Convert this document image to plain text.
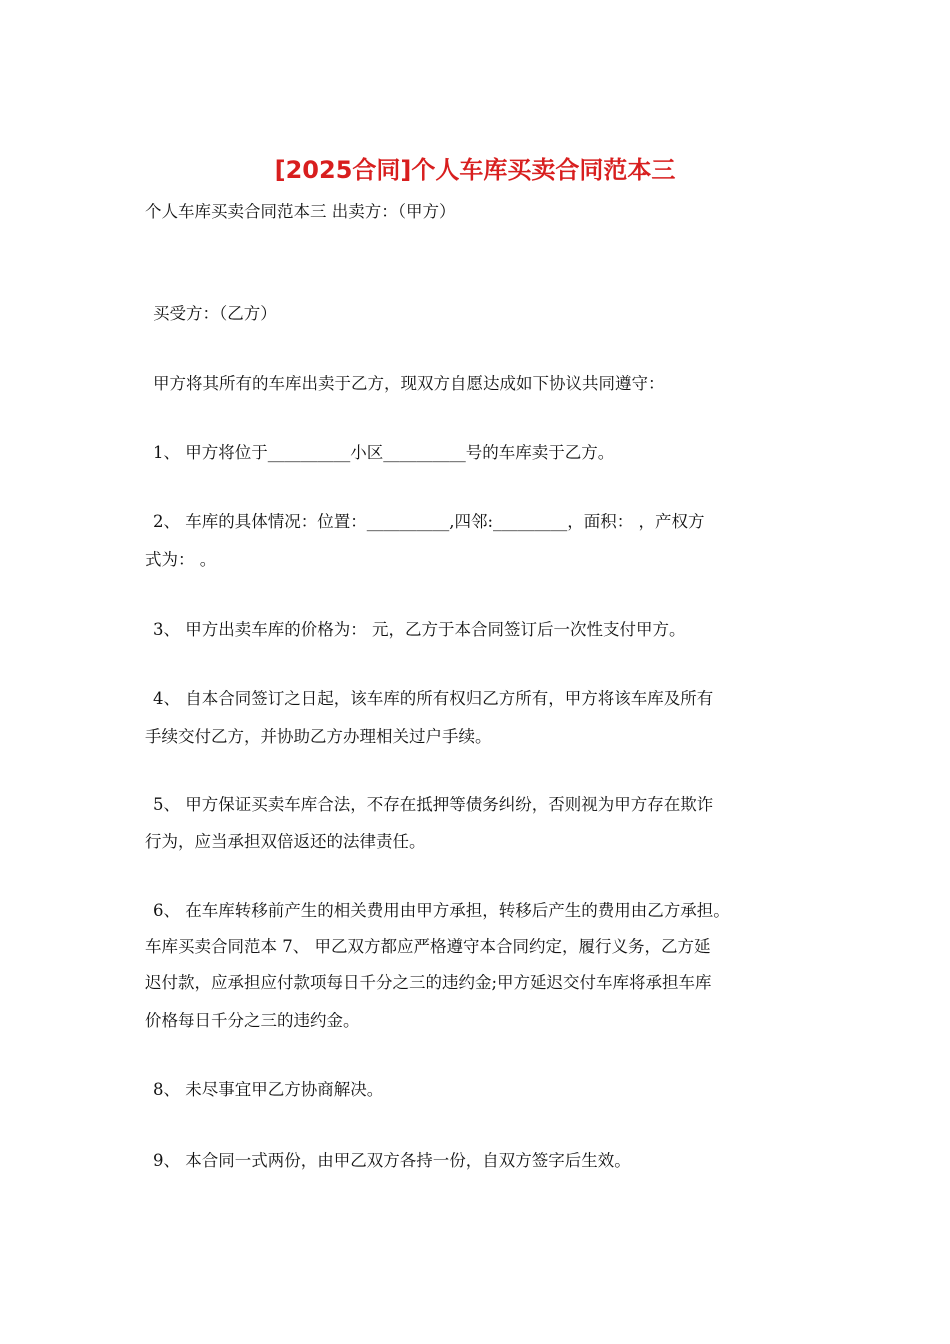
[2025合同]个人车库买卖合同范本三
个人车库买卖合同范本三 出卖方：（甲方）
买受方：（乙方）
甲方将其所有的车库出卖于乙方，现双方自愿达成如下协议共同遵守：
1、 甲方将位于__________小区__________号的车库卖于乙方。
2、 车库的具体情况：位置：__________,四邻:_________，面积： ，产权方
式为： 。
3、 甲方出卖车库的价格为： 元，乙方于本合同签订后一次性支付甲方。
4、 自本合同签订之日起，该车库的所有权归乙方所有，甲方将该车库及所有
手续交付乙方，并协助乙方办理相关过户手续。
5、 甲方保证买卖车库合法，不存在抵押等债务纠纷，否则视为甲方存在欺诈
行为，应当承担双倍返还的法律责任。
6、 在车库转移前产生的相关费用由甲方承担，转移后产生的费用由乙方承担。
车库买卖合同范本 7、 甲乙双方都应严格遵守本合同约定，履行义务，乙方延
迟付款，应承担应付款项每日千分之三的违约金;甲方延迟交付车库将承担车库
价格每日千分之三的违约金。
8、 未尽事宜甲乙方协商解决。
9、 本合同一式两份，由甲乙双方各持一份，自双方签字后生效。
